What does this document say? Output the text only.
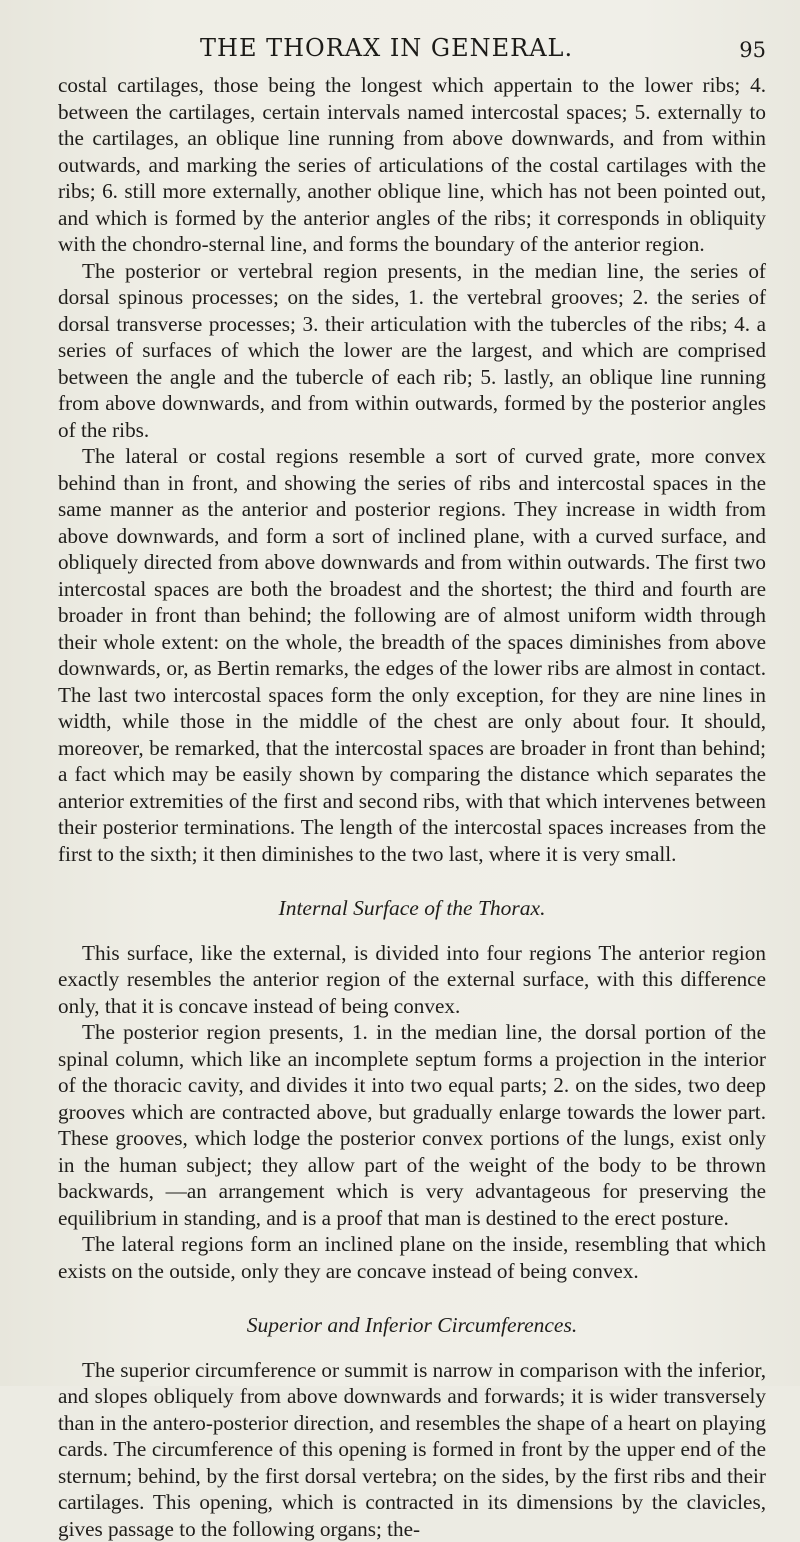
THE THORAX IN GENERAL.	95

costal cartilages, those being the longest which appertain to the lower ribs; 4. between the cartilages, certain intervals named intercostal spaces; 5. externally to the cartilages, an oblique line running from above downwards, and from within outwards, and marking the series of articulations of the costal cartilages with the ribs; 6. still more externally, another oblique line, which has not been pointed out, and which is formed by the anterior angles of the ribs; it corresponds in obliquity with the chondro-sternal line, and forms the boundary of the anterior region.

The posterior or vertebral region presents, in the median line, the series of dorsal spinous processes; on the sides, 1. the vertebral grooves; 2. the series of dorsal transverse processes; 3. their articulation with the tubercles of the ribs; 4. a series of surfaces of which the lower are the largest, and which are comprised between the angle and the tubercle of each rib; 5. lastly, an oblique line running from above downwards, and from within outwards, formed by the posterior angles of the ribs.

The lateral or costal regions resemble a sort of curved grate, more convex behind than in front, and showing the series of ribs and intercostal spaces in the same manner as the anterior and posterior regions. They increase in width from above downwards, and form a sort of inclined plane, with a curved surface, and obliquely directed from above downwards and from within outwards. The first two intercostal spaces are both the broadest and the shortest; the third and fourth are broader in front than behind; the following are of almost uniform width through their whole extent: on the whole, the breadth of the spaces diminishes from above downwards, or, as Bertin remarks, the edges of the lower ribs are almost in contact. The last two intercostal spaces form the only exception, for they are nine lines in width, while those in the middle of the chest are only about four. It should, moreover, be remarked, that the intercostal spaces are broader in front than behind; a fact which may be easily shown by comparing the distance which separates the anterior extremities of the first and second ribs, with that which intervenes between their posterior terminations. The length of the intercostal spaces increases from the first to the sixth; it then diminishes to the two last, where it is very small.

Internal Surface of the Thorax.

This surface, like the external, is divided into four regions The anterior region exactly resembles the anterior region of the external surface, with this difference only, that it is concave instead of being convex.

The posterior region presents, 1. in the median line, the dorsal portion of the spinal column, which like an incomplete septum forms a projection in the interior of the thoracic cavity, and divides it into two equal parts; 2. on the sides, two deep grooves which are contracted above, but gradually enlarge towards the lower part. These grooves, which lodge the posterior convex portions of the lungs, exist only in the human subject; they allow part of the weight of the body to be thrown backwards, —an arrangement which is very advantageous for preserving the equilibrium in standing, and is a proof that man is destined to the erect posture.

The lateral regions form an inclined plane on the inside, resembling that which exists on the outside, only they are concave instead of being convex.

Superior and Inferior Circumferences.

The superior circumference or summit is narrow in comparison with the inferior, and slopes obliquely from above downwards and forwards; it is wider transversely than in the antero-posterior direction, and resembles the shape of a heart on playing cards. The circumference of this opening is formed in front by the upper end of the sternum; behind, by the first dorsal vertebra; on the sides, by the first ribs and their cartilages. This opening, which is contracted in its dimensions by the clavicles, gives passage to the following organs; the-
